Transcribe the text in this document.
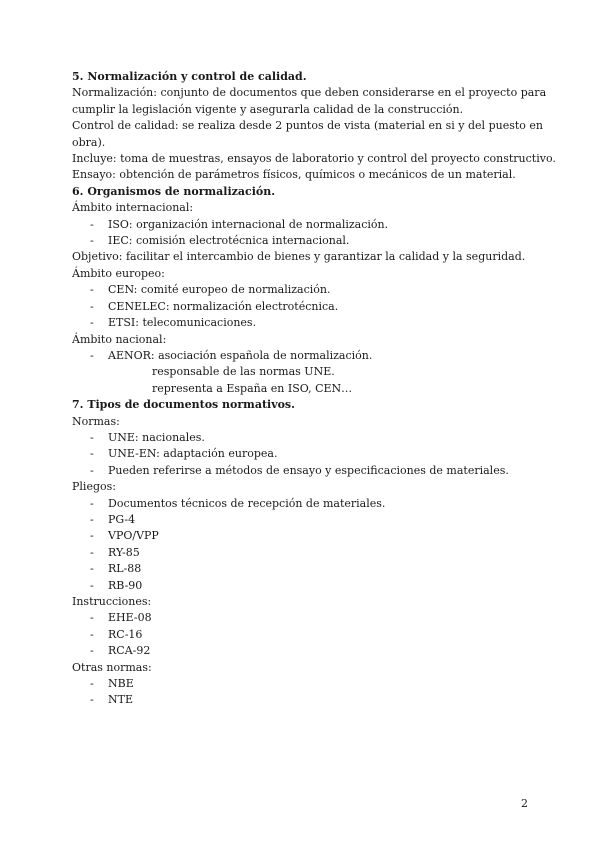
5. Normalización y control de calidad.
Normalización: conjunto de documentos que deben considerarse en el proyecto para
cumplir la legislación vigente y asegurarla calidad de la construcción.
Control de calidad: se realiza desde 2 puntos de vista (material en si y del puesto en
obra).
Incluye: toma de muestras, ensayos de laboratorio y control del proyecto constructivo.
Ensayo: obtención de parámetros físicos, químicos o mecánicos de un material.
6. Organismos de normalización.
Ámbito internacional:
- ISO: organización internacional de normalización.
- IEC: comisión electrotécnica internacional.
Objetivo: facilitar el intercambio de bienes y garantizar la calidad y la seguridad.
Ámbito europeo:
- CEN: comité europeo de normalización.
- CENELEC: normalización electrotécnica.
- ETSI: telecomunicaciones.
Ámbito nacional:
- AENOR: asociación española de normalización.
responsable de las normas UNE.
representa a España en ISO, CEN…
7. Tipos de documentos normativos.
Normas:
- UNE: nacionales.
- UNE-EN: adaptación europea.
- Pueden referirse a métodos de ensayo y especificaciones de materiales.
Pliegos:
- Documentos técnicos de recepción de materiales.
- PG-4
- VPO/VPP
- RY-85
- RL-88
- RB-90
Instrucciones:
- EHE-08
- RC-16
- RCA-92
Otras normas:
- NBE
- NTE
2
